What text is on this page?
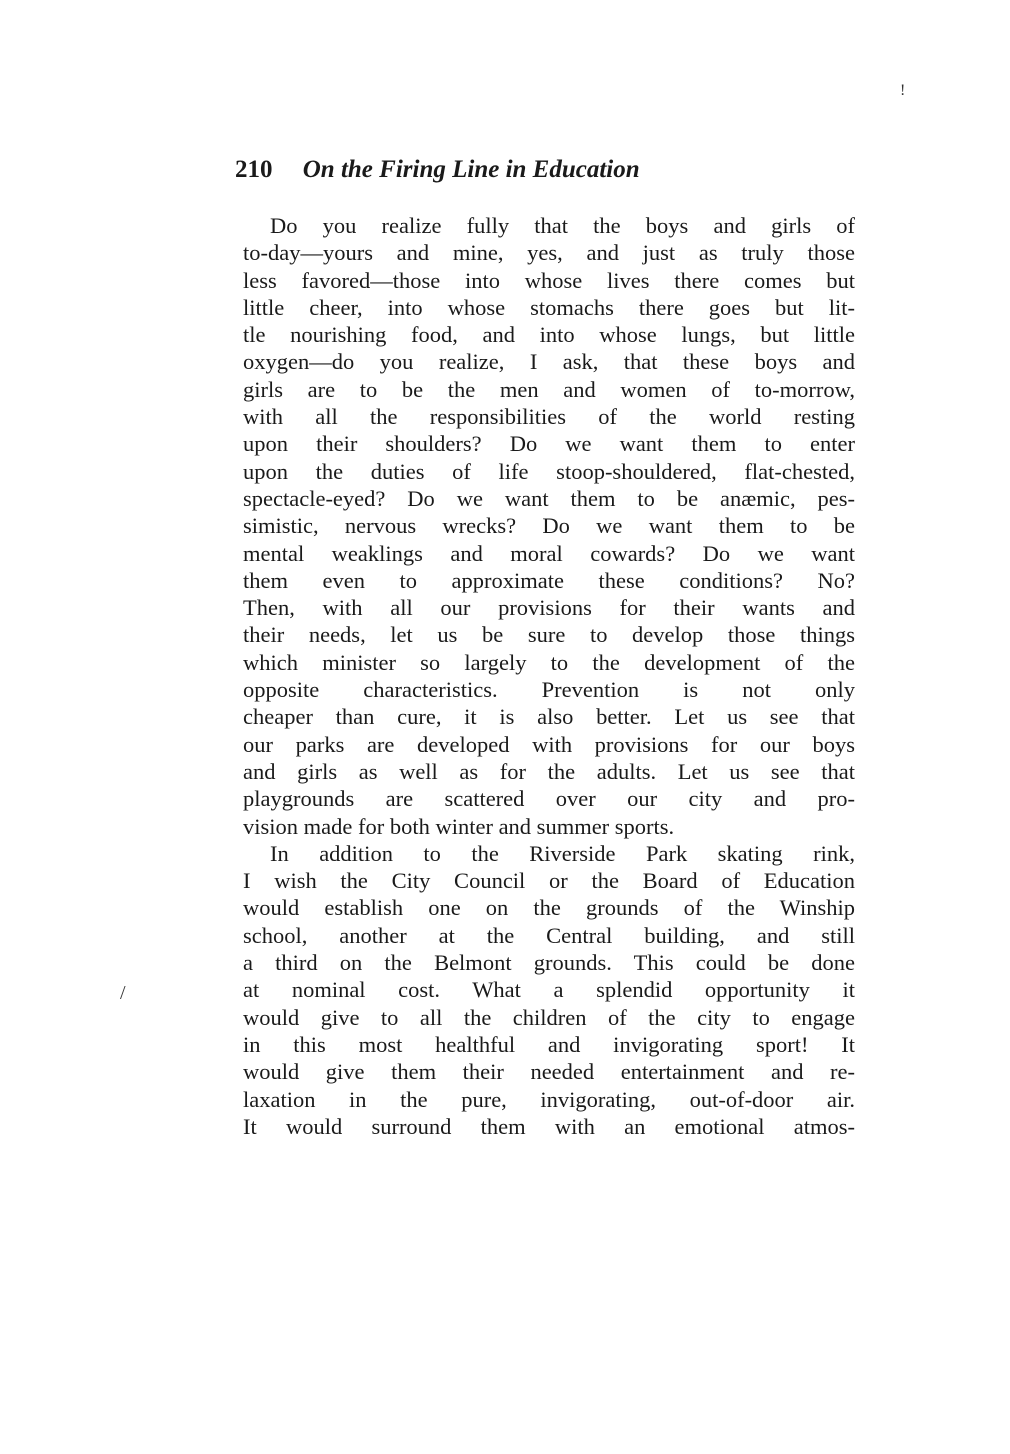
!
/
210 On the Firing Line in Education
Do you realize fully that the boys and girls of
to-day—yours and mine, yes, and just as truly those
less favored—those into whose lives there comes but
little cheer, into whose stomachs there goes but lit-
tle nourishing food, and into whose lungs, but little
oxygen—do you realize, I ask, that these boys and
girls are to be the men and women of to-morrow,
with all the responsibilities of the world resting
upon their shoulders? Do we want them to enter
upon the duties of life stoop-shouldered, flat-chested,
spectacle-eyed? Do we want them to be anæmic, pes-
simistic, nervous wrecks? Do we want them to be
mental weaklings and moral cowards? Do we want
them even to approximate these conditions? No?
Then, with all our provisions for their wants and
their needs, let us be sure to develop those things
which minister so largely to the development of the
opposite characteristics. Prevention is not only
cheaper than cure, it is also better. Let us see that
our parks are developed with provisions for our boys
and girls as well as for the adults. Let us see that
playgrounds are scattered over our city and pro-
vision made for both winter and summer sports.
In addition to the Riverside Park skating rink,
I wish the City Council or the Board of Education
would establish one on the grounds of the Winship
school, another at the Central building, and still
a third on the Belmont grounds. This could be done
at nominal cost. What a splendid opportunity it
would give to all the children of the city to engage
in this most healthful and invigorating sport! It
would give them their needed entertainment and re-
laxation in the pure, invigorating, out-of-door air.
It would surround them with an emotional atmos-
